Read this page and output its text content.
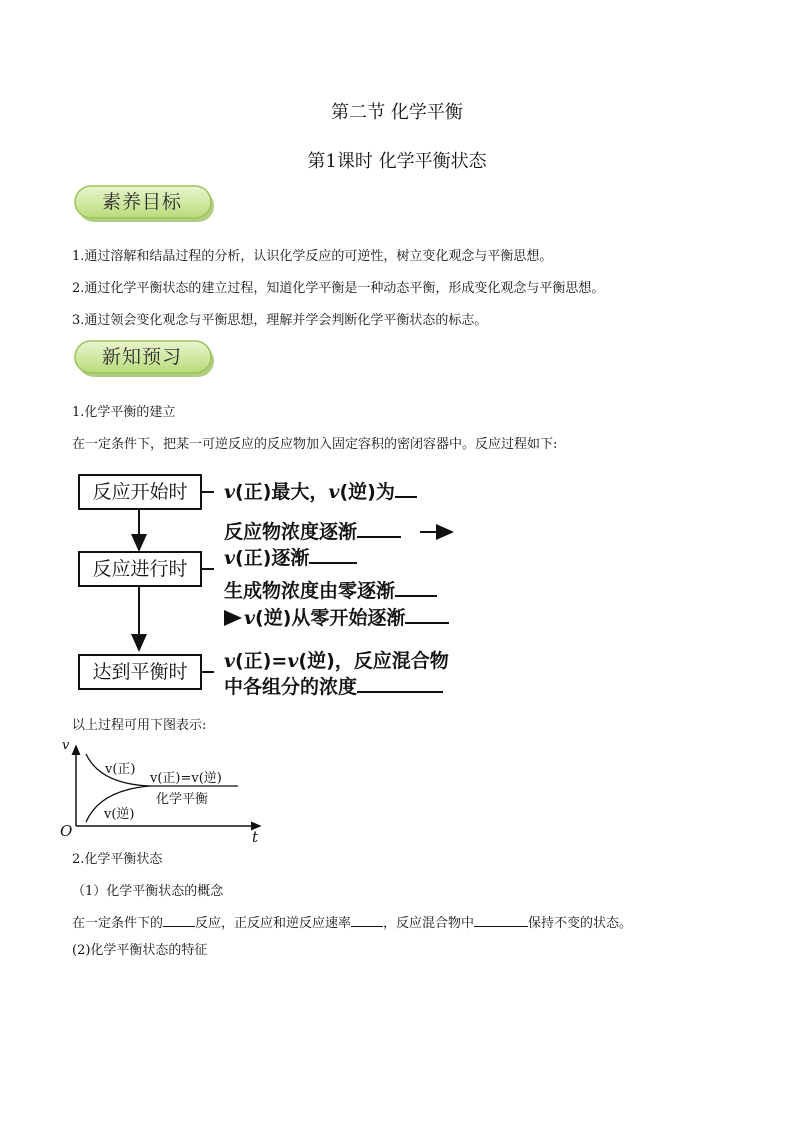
第二节 化学平衡
第1课时 化学平衡状态
素养目标
1.通过溶解和结晶过程的分析，认识化学反应的可逆性，树立变化观念与平衡思想。
2.通过化学平衡状态的建立过程，知道化学平衡是一种动态平衡，形成变化观念与平衡思想。
3.通过领会变化观念与平衡思想，理解并学会判断化学平衡状态的标志。
新知预习
1.化学平衡的建立
在一定条件下，把某一可逆反应的反应物加入固定容积的密闭容器中。反应过程如下:
反应开始时
反应进行时
达到平衡时
v(正)最大，v(逆)为
反应物浓度逐渐
v(正)逐渐
生成物浓度由零逐渐
v(逆)从零开始逐渐
v(正)=v(逆)，反应混合物
中各组分的浓度
以上过程可用下图表示:
v
t
O
v(正)
v(逆)
v(正)=v(逆)
化学平衡
2.化学平衡状态
（1）化学平衡状态的概念
在一定条件下的 反应，正反应和逆反应速率 ，反应混合物中	保持不变的状态。
(2)化学平衡状态的特征
